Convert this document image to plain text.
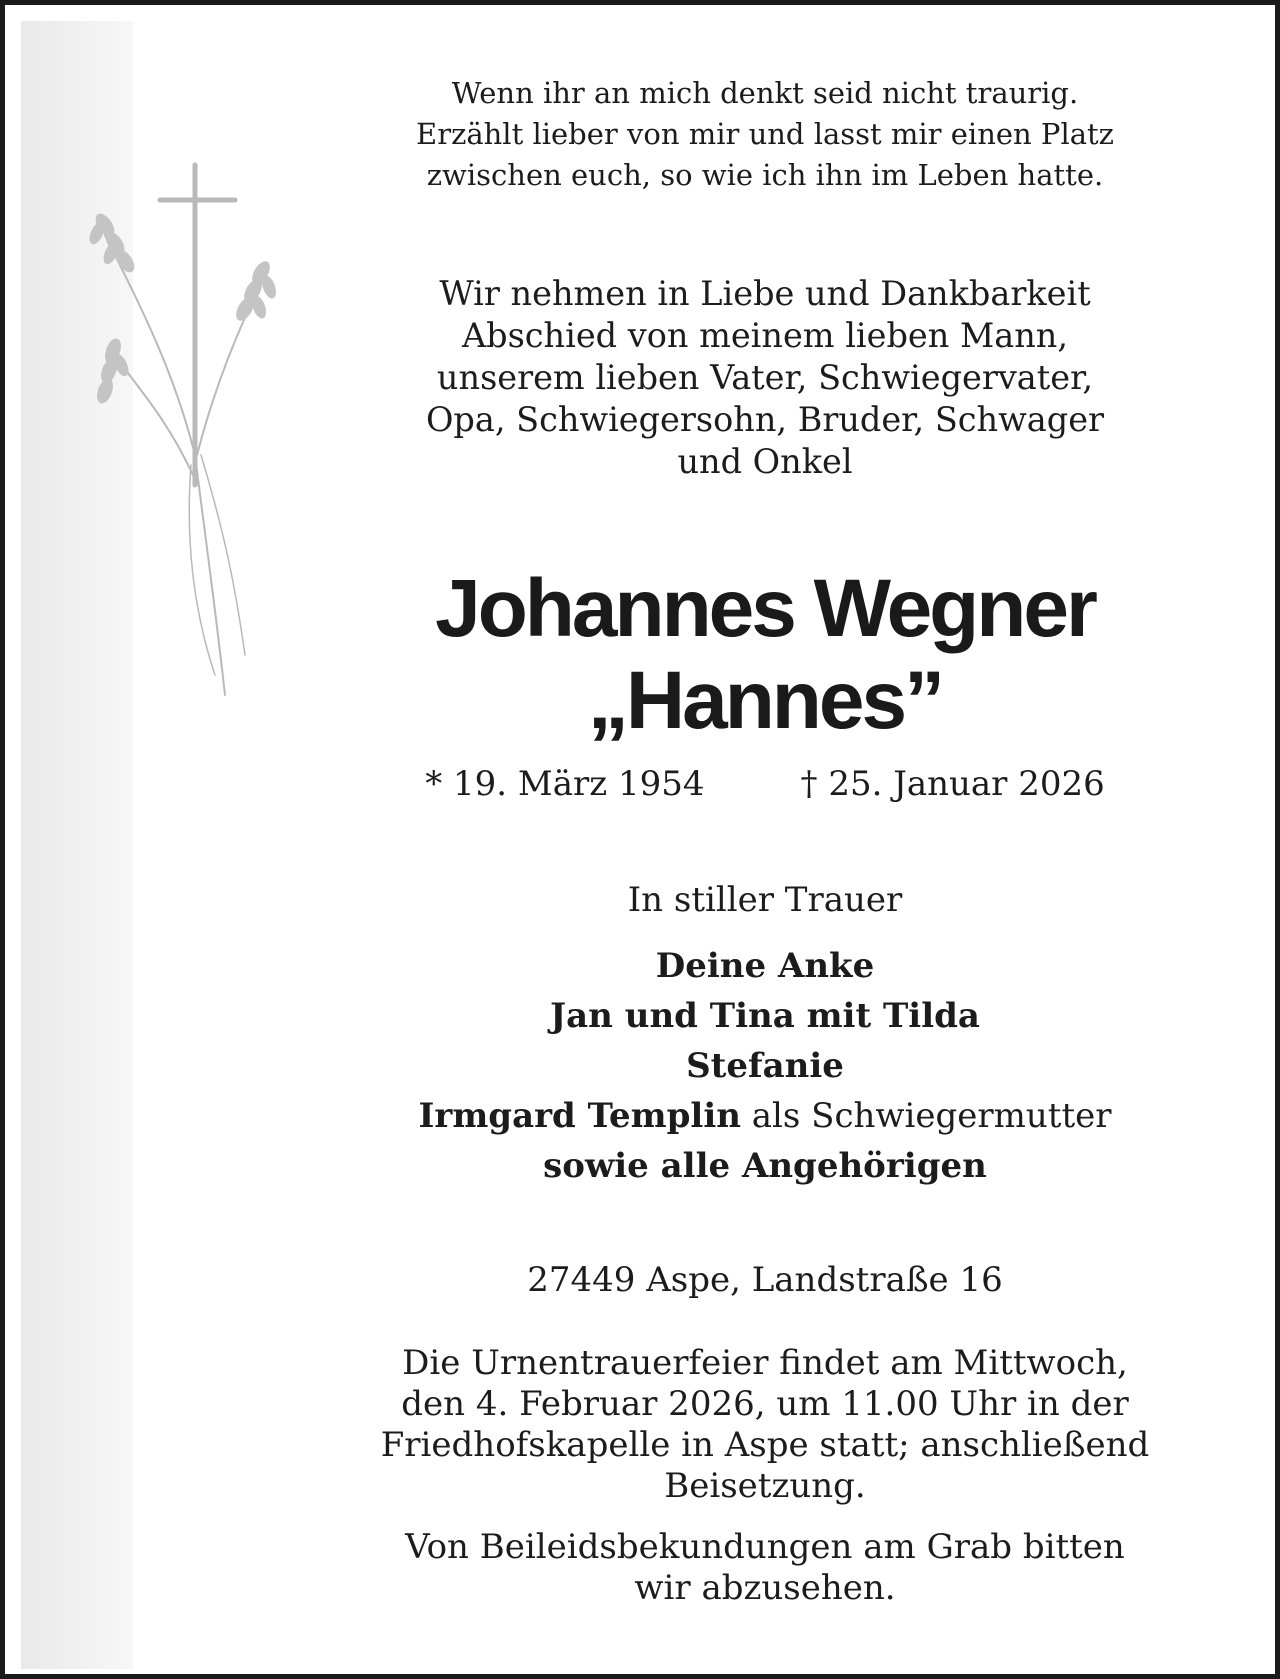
Wenn ihr an mich denkt seid nicht traurig.
Erzählt lieber von mir und lasst mir einen Platz
zwischen euch, so wie ich ihn im Leben hatte.
Wir nehmen in Liebe und Dankbarkeit
Abschied von meinem lieben Mann,
unserem lieben Vater, Schwiegervater,
Opa, Schwiegersohn, Bruder, Schwager
und Onkel
Johannes Wegner
„Hannes”
* 19. März 1954	† 25. Januar 2026
In stiller Trauer
Deine Anke
Jan und Tina mit Tilda
Stefanie
Irmgard Templin als Schwiegermutter
sowie alle Angehörigen
27449 Aspe, Landstraße 16
Die Urnentrauerfeier findet am Mittwoch,
den 4. Februar 2026, um 11.00 Uhr in der
Friedhofskapelle in Aspe statt; anschließend
Beisetzung.
Von Beileidsbekundungen am Grab bitten
wir abzusehen.
